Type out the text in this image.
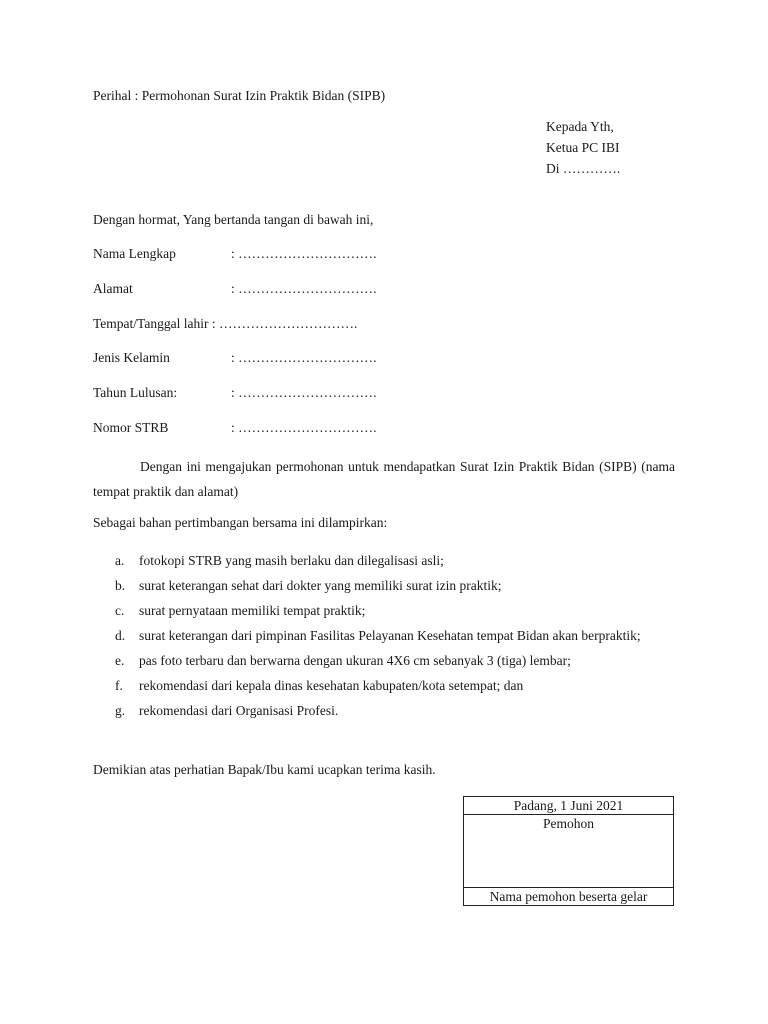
Perihal : Permohonan Surat Izin Praktik Bidan (SIPB)
Kepada Yth,
Ketua PC IBI
Di ………….
Dengan hormat, Yang bertanda tangan di bawah ini,
Nama Lengkap	: ………………………….
Alamat	: ………………………….
Tempat/Tanggal lahir : ………………………….
Jenis Kelamin	: ………………………….
Tahun Lulusan:	: ………………………….
Nomor STRB	: ………………………….
Dengan ini mengajukan permohonan untuk mendapatkan Surat Izin Praktik Bidan (SIPB) (nama tempat praktik dan alamat)
Sebagai bahan pertimbangan bersama ini dilampirkan:
a. fotokopi STRB yang masih berlaku dan dilegalisasi asli;
b. surat keterangan sehat dari dokter yang memiliki surat izin praktik;
c. surat pernyataan memiliki tempat praktik;
d. surat keterangan dari pimpinan Fasilitas Pelayanan Kesehatan tempat Bidan akan berpraktik;
e. pas foto terbaru dan berwarna dengan ukuran 4X6 cm sebanyak 3 (tiga) lembar;
f. rekomendasi dari kepala dinas kesehatan kabupaten/kota setempat; dan
g. rekomendasi dari Organisasi Profesi.
Demikian atas perhatian Bapak/Ibu kami ucapkan terima kasih.
Padang, 1 Juni 2021
Pemohon
Nama pemohon beserta gelar
